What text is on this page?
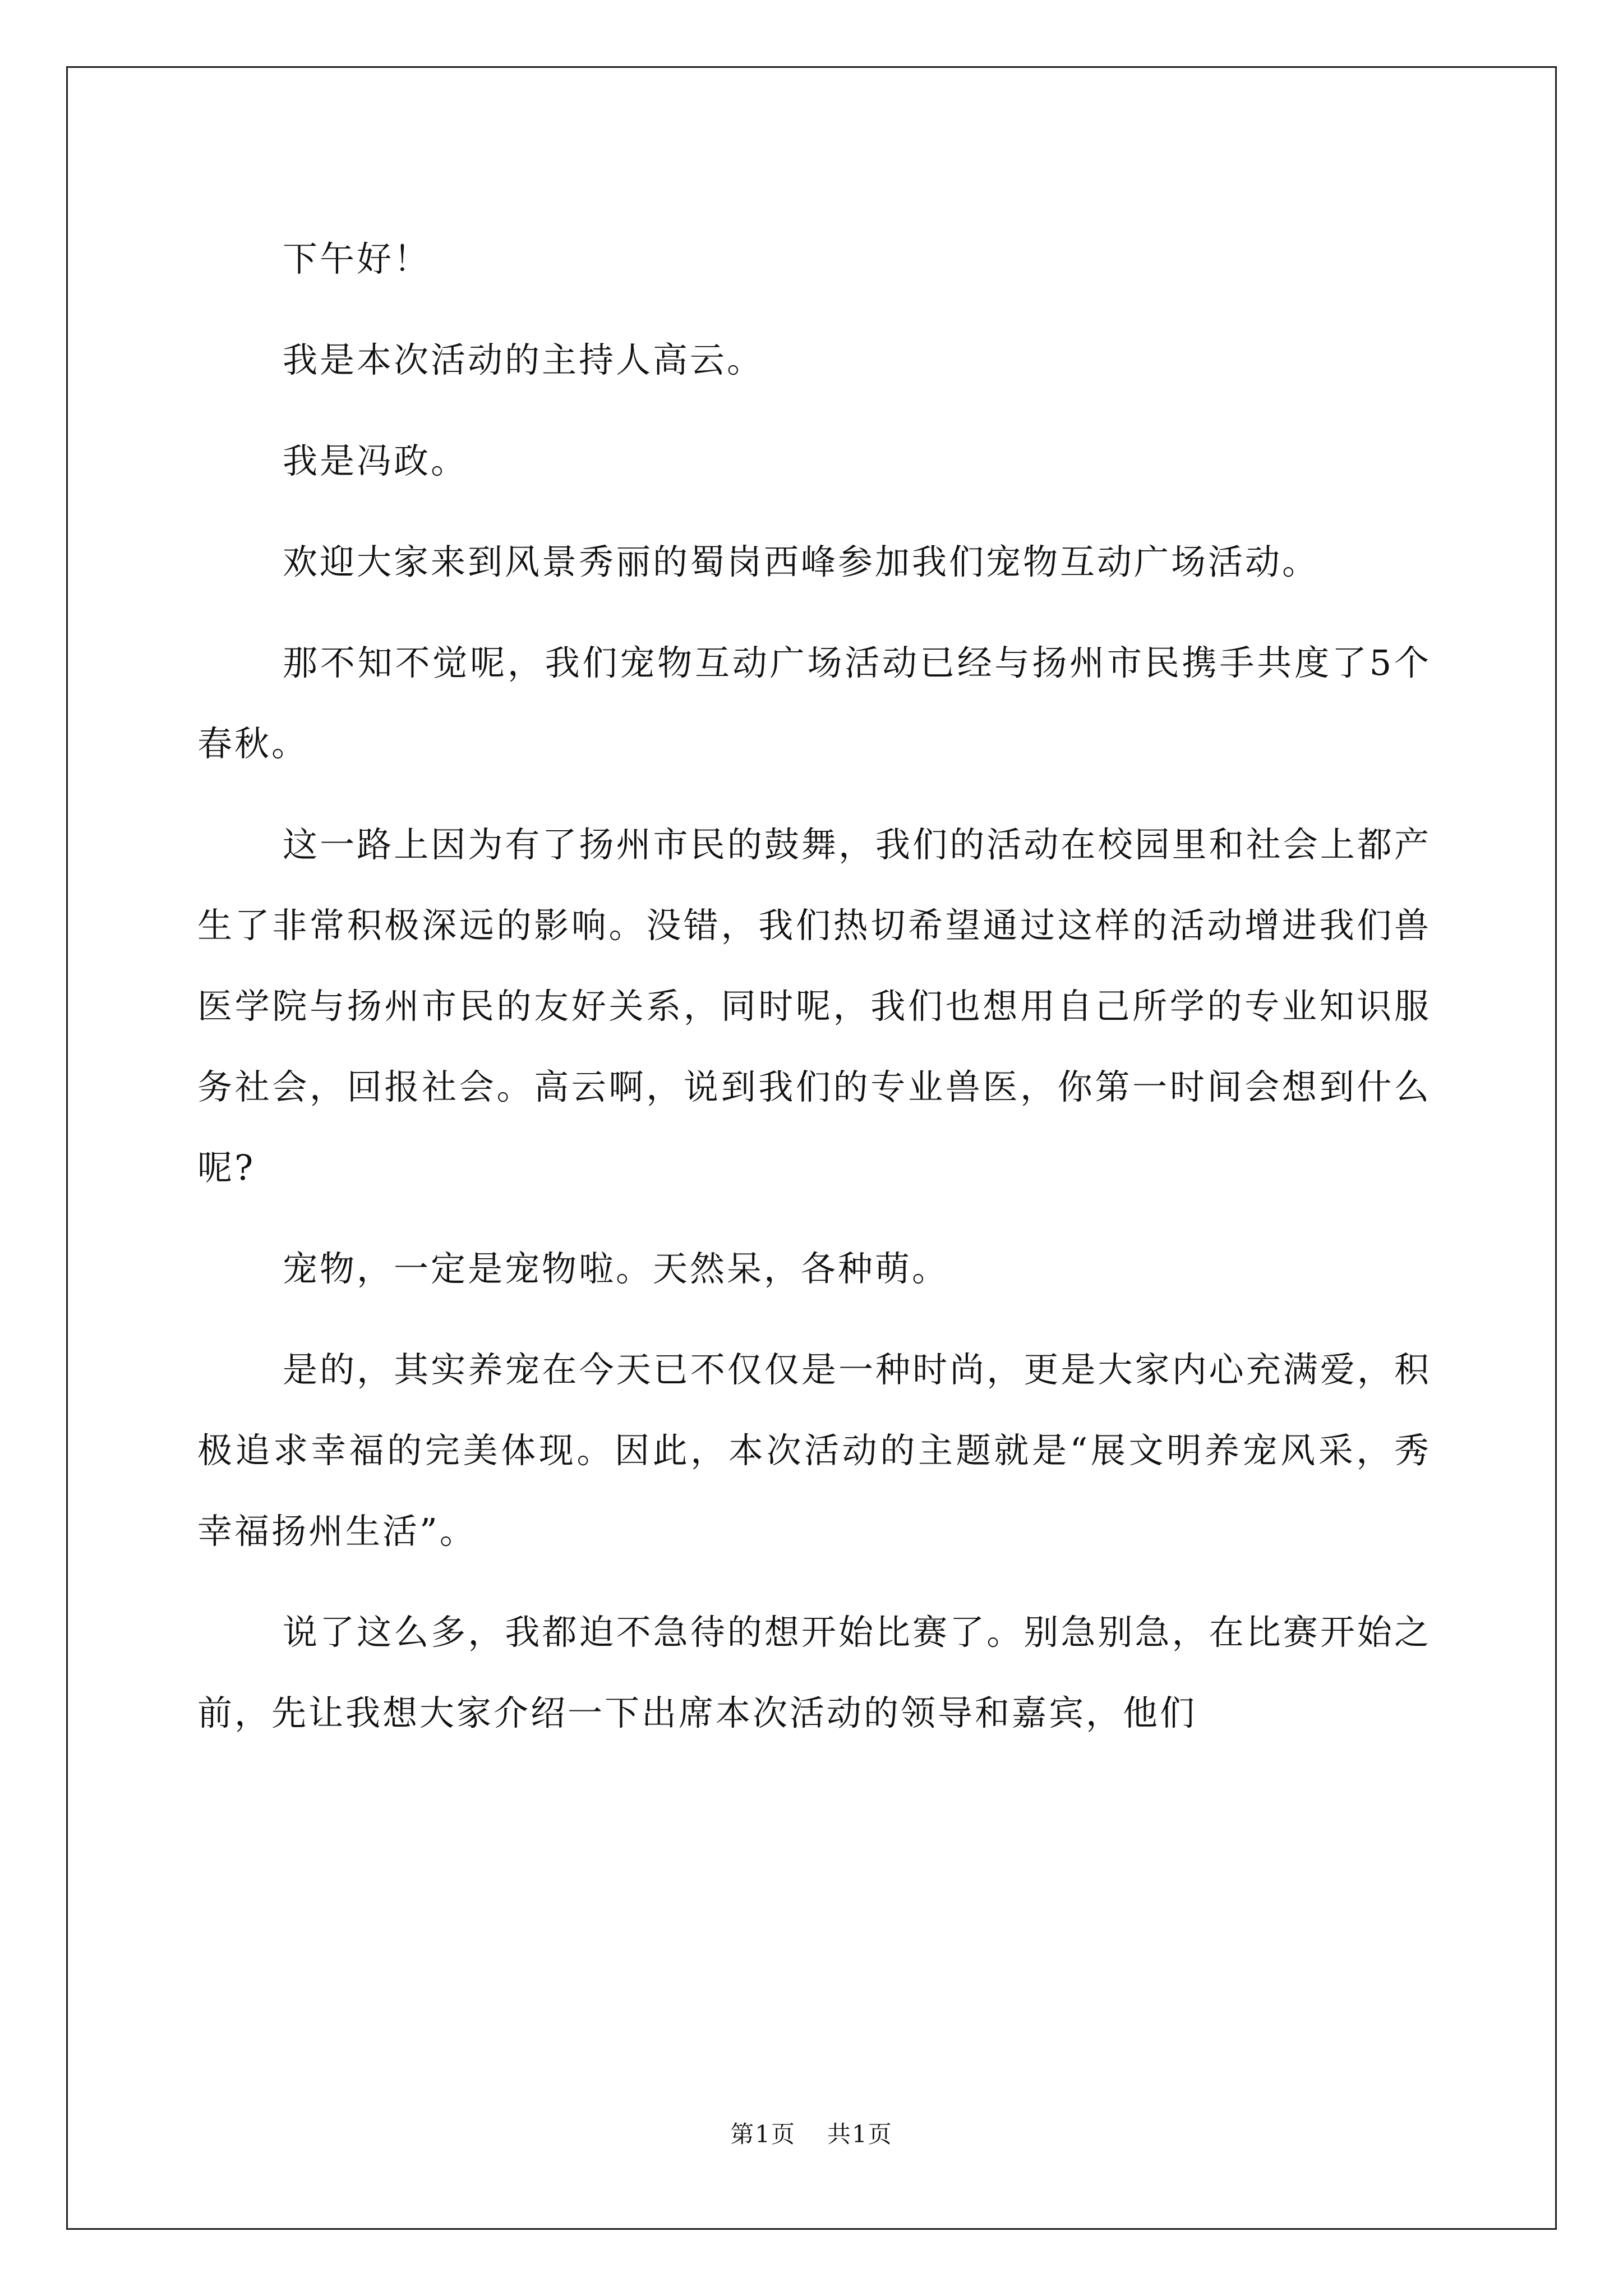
下午好！

我是本次活动的主持人高云。

我是冯政。

欢迎大家来到风景秀丽的蜀岗西峰参加我们宠物互动广场活动。

那不知不觉呢，我们宠物互动广场活动已经与扬州市民携手共度了5个春秋。

这一路上因为有了扬州市民的鼓舞，我们的活动在校园里和社会上都产生了非常积极深远的影响。没错，我们热切希望通过这样的活动增进我们兽医学院与扬州市民的友好关系，同时呢，我们也想用自己所学的专业知识服务社会，回报社会。高云啊，说到我们的专业兽医，你第一时间会想到什么呢?

宠物，一定是宠物啦。天然呆，各种萌。

是的，其实养宠在今天已不仅仅是一种时尚，更是大家内心充满爱，积极追求幸福的完美体现。因此，本次活动的主题就是“展文明养宠风采，秀幸福扬州生活”。

说了这么多，我都迫不急待的想开始比赛了。别急别急，在比赛开始之前，先让我想大家介绍一下出席本次活动的领导和嘉宾，他们

第1页 共1页
